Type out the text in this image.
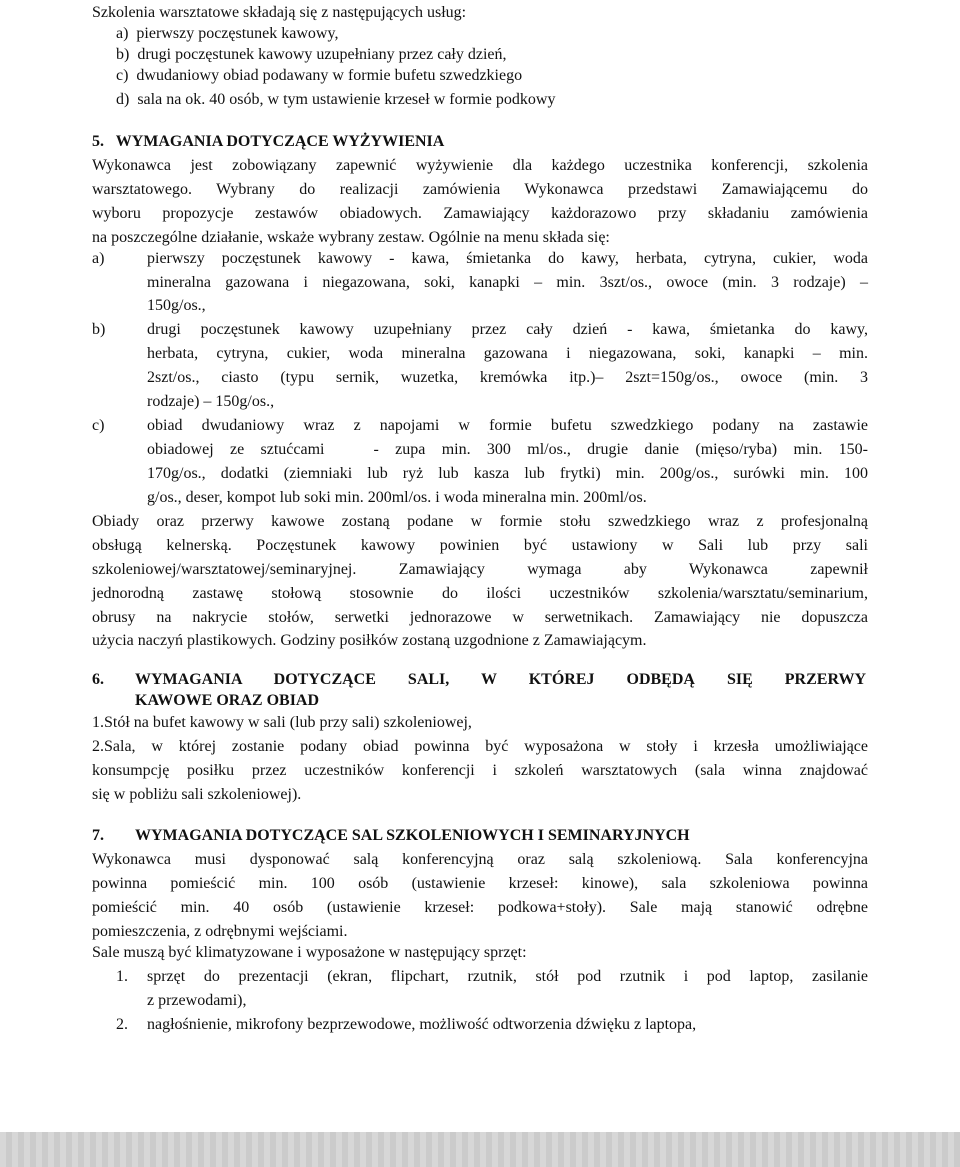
Szkolenia warsztatowe składają się z następujących usług:
a)  pierwszy poczęstunek kawowy,
b)  drugi poczęstunek kawowy uzupełniany przez cały dzień,
c)  dwudaniowy obiad podawany w formie bufetu szwedzkiego
d)  sala na ok. 40 osób, w tym ustawienie krzeseł w formie podkowy
5.   WYMAGANIA DOTYCZĄCE WYŻYWIENIA
Wykonawca jest zobowiązany zapewnić wyżywienie dla każdego uczestnika konferencji, szkolenia
warsztatowego. Wybrany do realizacji zamówienia Wykonawca przedstawi Zamawiającemu do
wyboru propozycje zestawów obiadowych. Zamawiający każdorazowo przy składaniu zamówienia
na poszczególne działanie, wskaże wybrany zestaw. Ogólnie na menu składa się:
a)	pierwszy poczęstunek kawowy - kawa, śmietanka do kawy, herbata, cytryna, cukier, woda
mineralna gazowana i niegazowana, soki, kanapki – min. 3szt/os., owoce (min. 3 rodzaje) –
150g/os.,
b)	drugi poczęstunek kawowy uzupełniany przez cały dzień - kawa, śmietanka do kawy,
herbata, cytryna, cukier, woda mineralna gazowana i niegazowana, soki, kanapki – min.
2szt/os., ciasto (typu sernik, wuzetka, kremówka itp.)– 2szt=150g/os., owoce (min. 3
rodzaje) – 150g/os.,
c)	obiad dwudaniowy wraz z napojami w formie bufetu szwedzkiego podany na zastawie
obiadowej ze sztućcami   - zupa min. 300 ml/os., drugie danie (mięso/ryba) min. 150-
170g/os., dodatki (ziemniaki lub ryż lub kasza lub frytki) min. 200g/os., surówki min. 100
g/os., deser, kompot lub soki min. 200ml/os. i woda mineralna min. 200ml/os.
Obiady oraz przerwy kawowe zostaną podane w formie stołu szwedzkiego wraz z profesjonalną
obsługą kelnerską. Poczęstunek kawowy powinien być ustawiony w Sali lub przy sali
szkoleniowej/warsztatowej/seminaryjnej. Zamawiający wymaga aby Wykonawca zapewnił
jednorodną zastawę stołową stosownie do ilości uczestników szkolenia/warsztatu/seminarium,
obrusy na nakrycie stołów, serwetki jednorazowe w serwetnikach. Zamawiający nie dopuszcza
użycia naczyń plastikowych. Godziny posiłków zostaną uzgodnione z Zamawiającym.
6. WYMAGANIA DOTYCZĄCE SALI, W KTÓREJ ODBĘDĄ SIĘ PRZERWY
KAWOWE ORAZ OBIAD
1.Stół na bufet kawowy w sali (lub przy sali) szkoleniowej,
2.Sala, w której zostanie podany obiad powinna być wyposażona w stoły i krzesła umożliwiające
konsumpcję posiłku przez uczestników konferencji i szkoleń warsztatowych (sala winna znajdować
się w pobliżu sali szkoleniowej).
7. WYMAGANIA DOTYCZĄCE SAL SZKOLENIOWYCH I SEMINARYJNYCH
Wykonawca musi dysponować salą konferencyjną oraz salą szkoleniową. Sala konferencyjna
powinna pomieścić min. 100 osób (ustawienie krzeseł: kinowe), sala szkoleniowa powinna
pomieścić min. 40 osób (ustawienie krzeseł: podkowa+stoły). Sale mają stanowić odrębne
pomieszczenia, z odrębnymi wejściami.
Sale muszą być klimatyzowane i wyposażone w następujący sprzęt:
1. sprzęt do prezentacji (ekran, flipchart, rzutnik, stół pod rzutnik i pod laptop, zasilanie
z przewodami),
2. nagłośnienie, mikrofony bezprzewodowe, możliwość odtworzenia dźwięku z laptopa,
